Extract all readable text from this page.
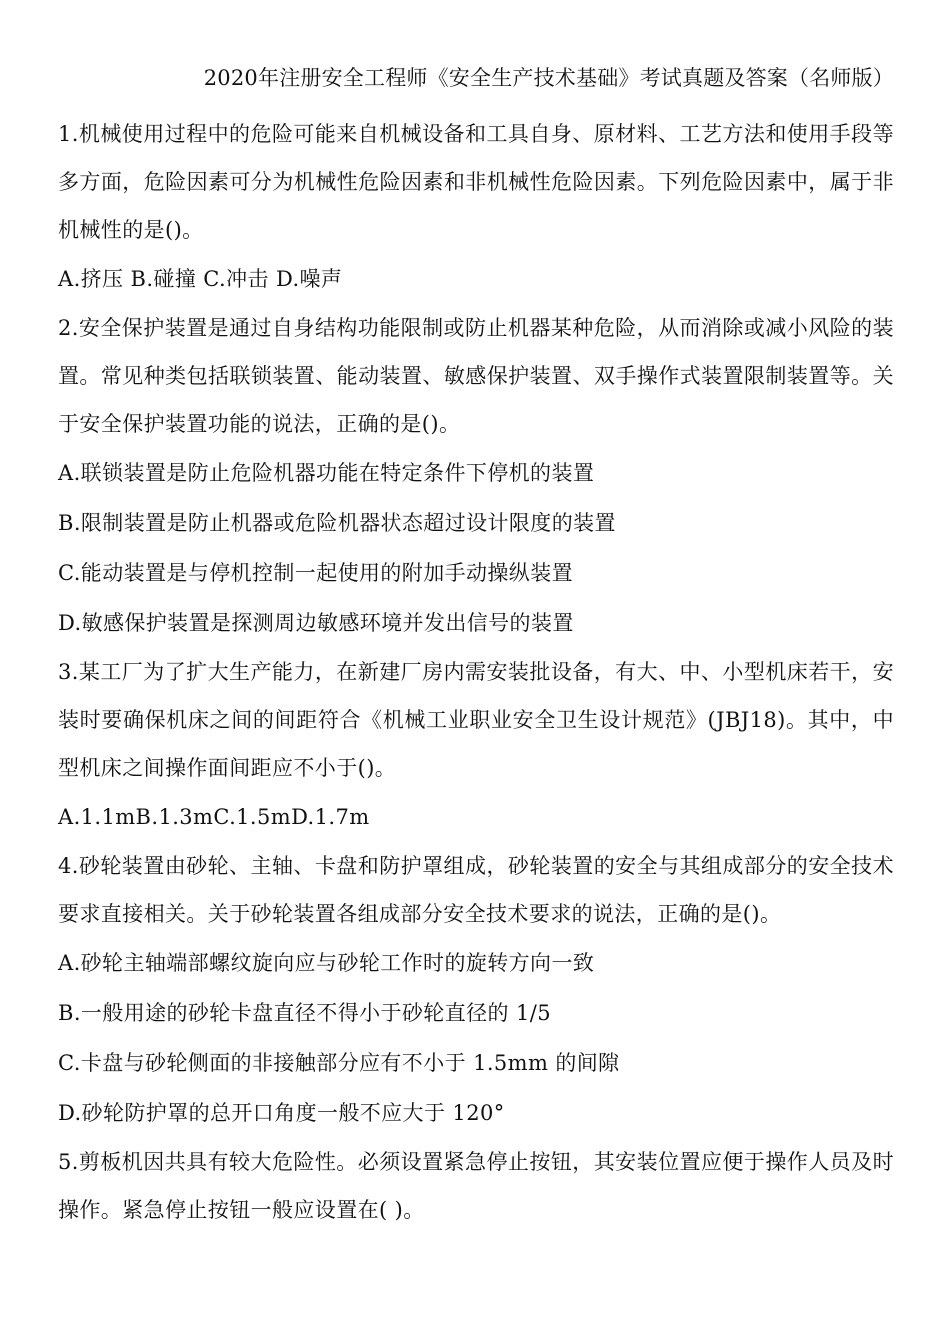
2020年注册安全工程师《安全生产技术基础》考试真题及答案（名师版）

1.机械使用过程中的危险可能来自机械设备和工具自身、原材料、工艺方法和使用手段等多方面，危险因素可分为机械性危险因素和非机械性危险因素。下列危险因素中，属于非机械性的是()。

A.挤压 B.碰撞 C.冲击 D.噪声

2.安全保护装置是通过自身结构功能限制或防止机器某种危险，从而消除或减小风险的装置。常见种类包括联锁装置、能动装置、敏感保护装置、双手操作式装置限制装置等。关于安全保护装置功能的说法，正确的是()。

A.联锁装置是防止危险机器功能在特定条件下停机的装置

B.限制装置是防止机器或危险机器状态超过设计限度的装置

C.能动装置是与停机控制一起使用的附加手动操纵装置

D.敏感保护装置是探测周边敏感环境并发出信号的装置

3.某工厂为了扩大生产能力，在新建厂房内需安装批设备，有大、中、小型机床若干，安装时要确保机床之间的间距符合《机械工业职业安全卫生设计规范》(JBJ18)。其中，中型机床之间操作面间距应不小于()。

A.1.1mB.1.3mC.1.5mD.1.7m

4.砂轮装置由砂轮、主轴、卡盘和防护罩组成，砂轮装置的安全与其组成部分的安全技术要求直接相关。关于砂轮装置各组成部分安全技术要求的说法，正确的是()。

A.砂轮主轴端部螺纹旋向应与砂轮工作时的旋转方向一致

B.一般用途的砂轮卡盘直径不得小于砂轮直径的 1/5

C.卡盘与砂轮侧面的非接触部分应有不小于 1.5mm 的间隙

D.砂轮防护罩的总开口角度一般不应大于 120°

5.剪板机因共具有较大危险性。必须设置紧急停止按钮，其安装位置应便于操作人员及时操作。紧急停止按钮一般应设置在( )。
